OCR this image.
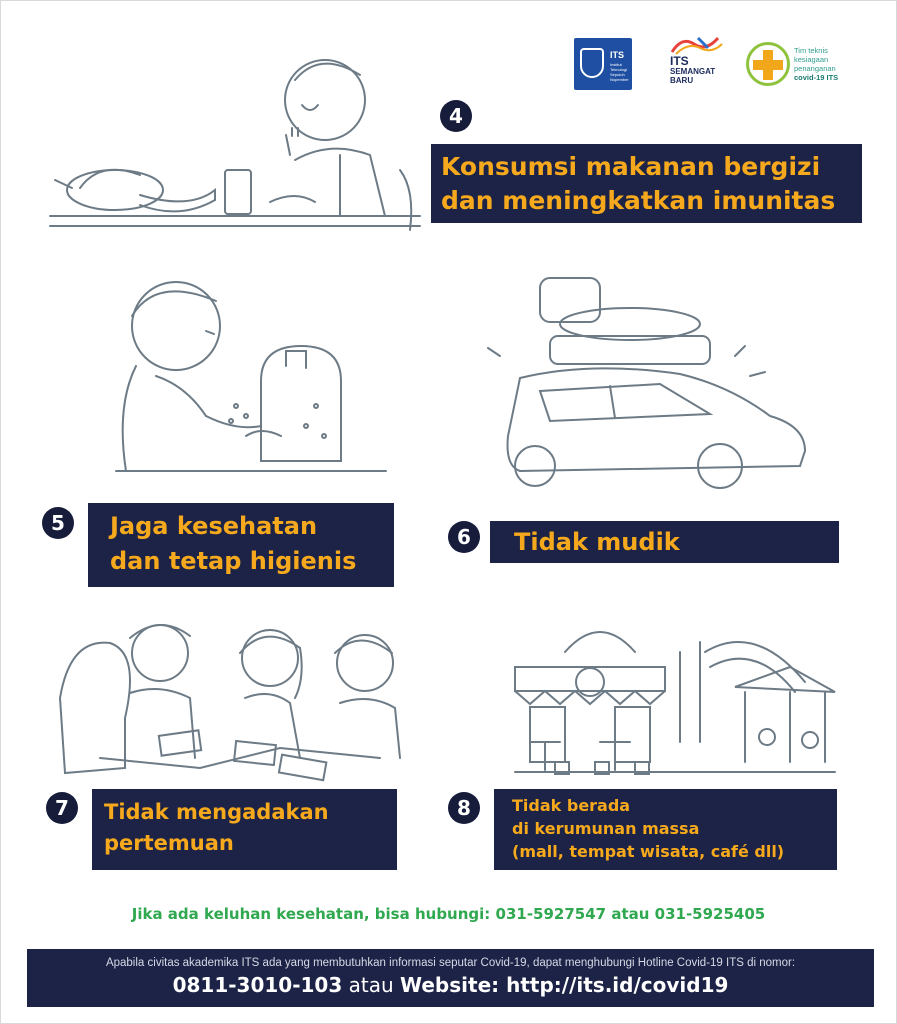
ITS
Institut Teknologi Sepuluh Nopember
ITS
SEMANGAT
BARU
Tim teknis
kesiagaan
penanganan
covid-19 ITS
4
Konsumsi makanan bergizi
dan meningkatkan imunitas
5	Jaga kesehatan
dan tetap higienis
6	Tidak mudik
7	Tidak mengadakan
pertemuan
8	Tidak berada
di kerumunan massa
(mall, tempat wisata, café dll)
Jika ada keluhan kesehatan, bisa hubungi: 031-5927547 atau 031-5925405
Apabila civitas akademika ITS ada yang membutuhkan informasi seputar Covid-19, dapat menghubungi Hotline Covid-19 ITS di nomor:
0811-3010-103 atau Website: http://its.id/covid19
